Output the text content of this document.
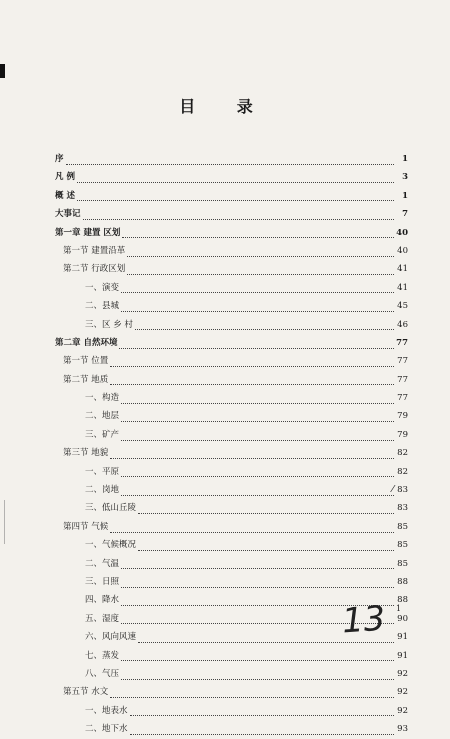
目 录
序	1
凡 例	3
概 述	1
大事记	7
第一章 建置 区划	40
第一节 建置沿革	40
第二节 行政区划	41
一、演变	41
二、县城	45
三、区 乡 村	46
第二章 自然环境	77
第一节 位置	77
第二节 地质	77
一、构造	77
二、地层	79
三、矿产	79
第三节 地貌	82
一、平原	82
二、岗地	83
三、低山丘陵	83
第四节 气候	85
一、气候概况	85
二、气温	85
三、日照	88
四、降水	88
五、湿度	90
六、风向风速	91
七、蒸发	91
八、气压	92
第五节 水文	92
一、地表水	92
二、地下水	93
⁄
13 1
